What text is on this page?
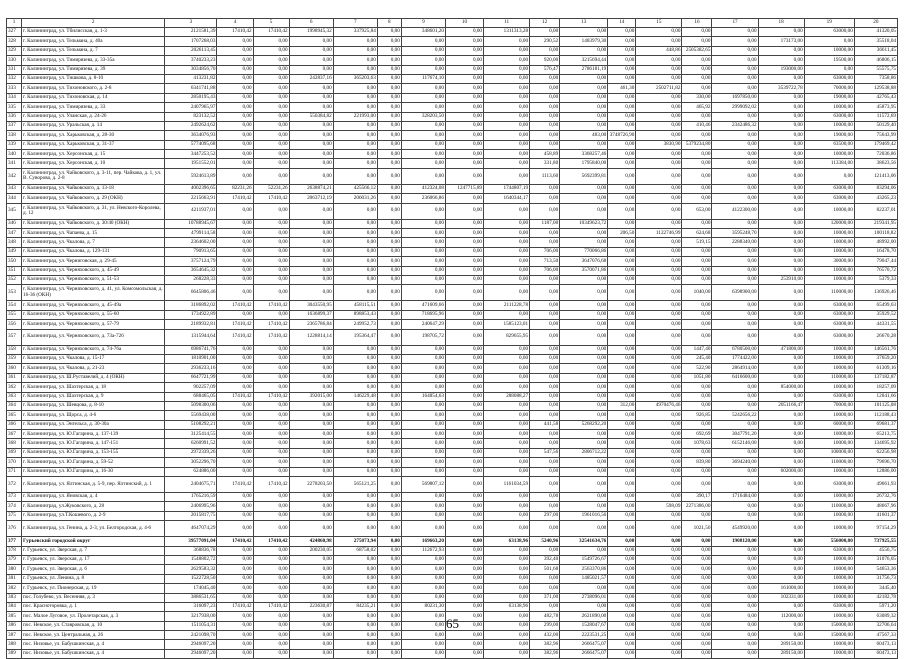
1	2	3	4	5	6	7	8	9	10	11	12	13	14	15	16	17	18	19	20
327	г. Калининград, ул. Тбилисская, д. 1-3	2121581,39	17410,42	17410,42	1998945,32	337925,84	0,00	348601,20	0,00	1311313,28	0,00	0,00	0,00	0,00	0,00	0,00	0,00	63000,00	41320,05
328	г. Калининград, ул. Тельмана, д. 40а	1707268,03	0,00	0,00	0,00	0,00	0,00	0,00	0,00	0,00	290,52	1483979,30	0,00	0,00	0,00	0,00	173173,00	0,00	35518,04
329	г. Калининград, ул. Тельмана, д. 7	2026113,45	0,00	0,00	0,00	0,00	0,00	0,00	0,00	0,00	0,00	0,00	0,00	448,86	2505382,65	0,00	0,00	10000,00	36611,45
330	г. Калининград, ул. Тимирязева, д. 33-35а	3740233,23	0,00	0,00	0,00	0,00	0,00	0,00	0,00	0,00	920,00	3215694,44	0,00	0,00	0,00	0,00	0,00	19500,00	46806,15
331	г. Калининград, ул. Тимирязева, д. 39	3034856,70	0,00	0,00	0,00	0,00	0,00	0,00	0,00	0,00	576,47	2786181,19	0,00	0,00	0,00	0,00	193000,00	0,00	55575,75
332	г. Калининград, ул. Тишкова, д. 8-10	413231,82	0,00	0,00	242837,16	365203,63	0,00	117674,10	0,00	0,00	0,00	0,00	0,00	0,00	0,00	0,00	0,00	63000,00	7358,86
333	г. Калининград, ул. Тихоновского, д. 2-8	6341741,88	0,00	0,00	0,00	0,00	0,00	0,00	0,00	0,00	0,00	0,00	461,30	2502711,82	0,00	0,00	3539722,78	70000,00	129538,88
334	г. Калининград, ул. Тихоновская, д. 14	2850195,43	0,00	0,00	0,00	0,00	0,00	0,00	0,00	0,00	0,00	0,00	0,00	0,00	330,00	1697850,00	0,00	19000,00	42765,43
335	г. Калининград, ул. Тимирязева, д. 33	2407965,97	0,00	0,00	0,00	0,00	0,00	0,00	0,00	0,00	0,00	0,00	0,00	0,00	465,92	2999092,02	0,00	10000,00	45873,95
336	г. Калининград, ул. Уланская, д. 24-26	823132,52	0,00	0,00	550384,82	221993,00	0,00	328203,50	0,00	0,00	0,00	0,00	0,00	0,00	0,00	0,00	0,00	63000,00	11572,69
337	г. Калининград, ул. Уральская, д. 14	2492624,62	0,00	0,00	0,00	0,00	0,00	0,00	0,00	0,00	0,00	0,00	0,00	0,00	410,46	2342486,32	0,00	10000,00	50129,40
338	г. Калининград, ул. Харьковская, д. 28-30	3634076,93	0,00	0,00	0,00	0,00	0,00	0,00	0,00	0,00	0,00	483,00	3748726,90	0,00	0,00	0,00	0,00	19000,00	75643,99
339	г. Калининград, ул. Харьковская, д. 31-37	5774095,68	0,00	0,00	0,00	0,00	0,00	0,00	0,00	0,00	0,00	0,00	0,00	3830,90	5379234,80	0,00	0,00	63500,00	179469,42
340	г. Калининград, ул. Херсонская, д. 15	3447253,52	0,00	0,00	0,00	0,00	0,00	0,00	0,00	0,00	458,89	3368257,46	0,00	0,00	0,00	0,00	0,00	10000,00	72036,86
341	г. Калининград, ул. Херсонская, д. 10	1951552,01	0,00	0,00	0,00	0,00	0,00	0,00	0,00	0,00	331,80	1795840,00	0,00	0,00	0,00	0,00	0,00	113384,00	38623,56
342	г. Калининград, ул. Чайковского, д. 3-11, пер. Чайкова, д. 1, ул. В. Суворова, д. 2-8	5924613,89	0,00	0,00	0,00	0,00	0,00	0,00	0,00	0,00	1113,60	5692399,81	0,00	0,00	0,00	0,00	0,00	0,00	121413,06
343	г. Калининград, ул. Чайковского, д. 13-18	4002396,65	82231,26	52231,26	2638874,21	425566,12	0,00	412324,08	1247715,89	1744807,19	0,00	0,00	0,00	0,00	0,00	0,00	0,00	63000,00	83294,06
344	г. Калининград, ул. Чайковского, д. 29 (ОКН)	2215663,91	17410,42	17410,42	2063712,19	206031,26	0,00	236066,86	0,00	1640344,17	0,00	0,00	0,00	0,00	0,00	0,00	0,00	63000,00	43265,23
345	г. Калининград, ул. Чайковского, д. 31, ул. Невского-Королева, д. 12	4211937,01	0,00	0,00	0,00	0,00	0,00	0,00	0,00	0,00	0,00	0,00	0,00	0,00	653,00	4122300,00	0,00	10000,00	82237,01
346	г. Калининград, ул. Чайковского, д. 30/40 (ОКН)	10788945,67	0,00	0,00	0,00	0,00	0,00	0,00	0,00	0,00	1187,00	10349623,72	0,00	0,00	0,00	0,00	0,00	120000,00	219341,95
347	г. Калининград, ул. Чапаева, д. 15	4799114,58	0,00	0,00	0,00	0,00	0,00	0,00	0,00	0,00	0,00	0,00	206,50	1122746,99	624,68	3595248,70	0,00	10000,00	100118,82
348	г. Калининград, ул. Чкалова, д. 7	2364602,00	0,00	0,00	0,00	0,00	0,00	0,00	0,00	0,00	0,00	0,00	0,00	0,00	519,15	2288340,00	0,00	10000,00	48992,00
349	г. Калининград, ул. Чкалова, д. 129-131	790913,65	0,00	0,00	0,00	0,00	0,00	0,00	0,00	0,00	706,00	770066,86	0,00	0,00	0,00	0,00	0,00	10000,00	16478,70
350	г. Калининград, ул. Черниговская, д. 29-45	3757124,79	0,00	0,00	0,00	0,00	0,00	0,00	0,00	0,00	713,50	3647076,68	0,00	0,00	0,00	0,00	0,00	30000,00	79047,44
351	г. Калининград, ул. Черняховского, д. 45-49	3654645,32	0,00	0,00	0,00	0,00	0,00	0,00	0,00	0,00	706,00	3570071,86	0,00	0,00	0,00	0,00	0,00	10000,00	76570,72
352	г. Калининград, ул. Черняховского, д. 51-53	268228,33	0,00	0,00	0,00	0,00	0,00	0,00	0,00	0,00	0,00	0,00	0,00	0,00	0,00	0,00	253910,00	10000,00	5379,33
353	г. Калининград, ул. Черняховского, д. 41, ул. Комсомольская, д. 16-36 (ОКН)	6645806,46	0,00	0,00	0,00	0,00	0,00	0,00	0,00	0,00	0,00	0,00	0,00	0,00	1040,00	6398900,00	0,00	110000,00	136926,46
354	г. Калининград, ул. Черняховского, д. 45-49а	3186892,02	17410,42	17410,42	3043550,95	458115,51	0,00	471609,66	0,00	2111228,78	0,00	0,00	0,00	0,00	0,00	0,00	0,00	63000,00	65499,63
355	г. Калининград, ул. Черняховского, д. 55-60	1734922,89	0,00	0,00	1636899,37	898853,43	0,00	718695,96	0,00	0,00	0,00	0,00	0,00	0,00	0,00	0,00	0,00	63000,00	35929,52
356	г. Калининград, ул. Черняховского, д. 57-79	2189932,81	17410,42	17410,42	2365786,84	249952,73	0,00	240647,29	0,00	1585123,01	0,00	0,00	0,00	0,00	0,00	0,00	0,00	63000,00	44331,55
357	г. Калининград, ул. Черняховского, д. 73а-726	1315944,64	17410,42	17410,42	1228814,14	195364,47	0,00	198705,72	0,00	829655,95	0,00	0,00	0,00	0,00	0,00	0,00	0,00	63000,00	26670,28
358	г. Калининград, ул. Черняховского, д. 74-76а	6986741,76	0,00	0,00	0,00	0,00	0,00	0,00	0,00	0,00	0,00	0,00	0,00	0,00	1447,40	6780500,00	471800,00	10000,00	146561,76
359	г. Калининград, ул. Чкалова, д. 15-17	1810901,00	0,00	0,00	0,00	0,00	0,00	0,00	0,00	0,00	0,00	0,00	0,00	0,00	245,40	1774422,00	0,00	10000,00	37659,20
360	г. Калининград, ул. Чкалова, д. 21-23	2936233,16	0,00	0,00	0,00	0,00	0,00	0,00	0,00	0,00	0,00	0,00	0,00	0,00	522,90	2864914,00	0,00	10000,00	61309,16
361	г. Калининград, ул. Ш.Руставелий, д. 4 (ОКН)	6647721,99	0,00	0,00	0,00	0,00	0,00	0,00	0,00	0,00	0,00	0,00	0,00	0,00	1051,80	6416600,00	0,00	110000,00	137182,87
362	г. Калининград, ул. Шахтерская, д. 18	902257,09	0,00	0,00	0,00	0,00	0,00	0,00	0,00	0,00	0,00	0,00	0,00	0,00	0,00	0,00	854000,00	10000,00	18257,09
363	г. Калининград, ул. Шахтерская, д. 9	688465,05	17410,42	17410,42	392015,00	146229,48	0,00	164854,63	0,00	288088,27	0,00	0,00	0,00	0,00	0,00	0,00	0,00	63000,00	12041,66
364	г. Калининград, ул. Шевцова, д. 8-10	5098300,06	0,00	0,00	0,00	0,00	0,00	0,00	0,00	0,00	0,00	0,00	312,00	4970476,46	0,00	0,00	2051166,47	70000,00	101125,08
365	г. Калининград, ул. Щорса, д. 4-6	5569438,00	0,00	0,00	0,00	0,00	0,00	0,00	0,00	0,00	0,00	0,00	0,00	0,00	926,85	5242656,22	0,00	10000,00	112188,43
366	г. Калининград, ул. Энгельса, д. 30-30а	5108292,21	0,00	0,00	0,00	0,00	0,00	0,00	0,00	0,00	441,58	5268292,20	0,00	0,00	0,00	0,00	0,00	60000,00	69681,37
367	г. Калининград, ул. Ю.Гагарина, д. 137-139	3125414,55	0,00	0,00	0,00	0,00	0,00	0,00	0,00	0,00	0,00	0,00	0,00	0,00	692,69	3047791,20	0,00	10000,00	65213,75
368	г. Калининград, ул. Ю.Гагарина, д. 147-151	6260991,52	0,00	0,00	0,00	0,00	0,00	0,00	0,00	0,00	0,00	0,00	0,00	0,00	1078,63	6152146,00	0,00	10000,00	134695,92
369	г. Калининград, ул. Ю.Гагарина, д. 153-155	2972339,26	0,00	0,00	0,00	0,00	0,00	0,00	0,00	0,00	547,56	2806712,22	0,00	0,00	0,00	0,00	0,00	100000,00	62256,98
370	г. Калининград, ул. Ю.Гагарина, д. 59-52	3052296,70	0,00	0,00	0,00	0,00	0,00	0,00	0,00	0,00	0,00	0,00	0,00	0,00	839,80	3694240,00	0,00	110000,00	79696,70
371	г. Калининград, ул. Ю.Гагарина, д. 16-30	624886,00	0,00	0,00	0,00	0,00	0,00	0,00	0,00	0,00	0,00	0,00	0,00	0,00	0,00	0,00	602000,00	10000,00	12886,00
372	г. Калининград, ул. Ялтинская, д. 5-9, пер. Ялтинский, д. 1	2404675,71	17410,42	17410,42	2278203,50	565121,25	0,00	569807,12	0,00	1161034,59	0,00	0,00	0,00	0,00	0,00	0,00	0,00	63000,00	49661,93
373	г. Калининград, ул. Яновская, д. 4	1765216,59	0,00	0,00	0,00	0,00	0,00	0,00	0,00	0,00	0,00	0,00	0,00	0,00	390,17	1716484,00	0,00	10000,00	26732,76
374	г. Калининград, ул.Жуковского, д. 28	2406995,96	0,00	0,00	0,00	0,00	0,00	0,00	0,00	0,00	0,00	0,00	0,00	598,09	2271386,00	0,00	0,00	110000,00	48667,96
375	г. Калининград, ул.Т.Кошевого, д. 2-9	2015817,75	0,00	0,00	0,00	0,00	0,00	0,00	0,00	0,00	297,00	1961016,56	0,00	0,00	0,00	0,00	0,00	10000,00	41601,37
376	г. Калининград, ул. Генина, д. 2-3, ул. Белгородская, д. 4-6	4647074,29	0,00	0,00	0,00	0,00	0,00	0,00	0,00	0,00	0,00	0,00	0,00	0,00	1021,50	4549920,00	0,00	10000,00	97154,29
377	Гурьевский городской округ	39577091,04	17410,42	17410,42	424860,98	275073,94	0,00	169663,20	0,00	63138,96	5240,96	32541634,76	0,00	0,00	0,00	1908120,00	0,00	556000,00	737925,55
378	г. Гурьевск, ул. Зверская, д. 7	368836,78	0,00	0,00	200230,05	68758,02	0,00	112672,93	0,00	0,00	0,00	0,00	0,00	0,00	0,00	0,00	0,00	63000,00	4556,75
379	г. Гурьевск, ул. Зверская, д. 17	1548802,72	0,00	0,00	0,00	0,00	0,00	0,00	0,00	0,00	392,40	1549726,67	0,00	0,00	0,00	0,00	0,00	10000,00	31076,05
380	г. Гурьевск, ул. Зверская, д. 6	2629583,32	0,00	0,00	0,00	0,00	0,00	0,00	0,00	0,00	501,68	2563370,86	0,00	0,00	0,00	0,00	0,00	10000,00	54653,36
381	г. Гурьевск, ул. Ленина, д. 8	1522728,50	0,00	0,00	0,00	0,00	0,00	0,00	0,00	0,00	0,00	1485021,57	0,00	0,00	0,00	0,00	0,00	10000,00	31756,73
382	г. Гурьевск, ул. Пионерская, д. 19	174045,40	0,00	0,00	0,00	0,00	0,00	0,00	0,00	0,00	0,00	0,00	0,00	0,00	0,00	0,00	161000,00	10000,00	3445,40
383	пос. Голубево, ул. Весенняя, д. 3	3886531,65	0,00	0,00	0,00	0,00	0,00	0,00	0,00	0,00	371,00	2738096,01	0,00	0,00	0,00	0,00	102331,00	10000,00	42182,78
384	пос. Красноторовка, д. 1	316097,23	17410,42	17410,42	223630,87	84235,21	0,00	80231,30	0,00	63138,96	0,00	0,00	0,00	0,00	0,00	0,00	0,00	63000,00	5971,20
385	пос. Малое Луговое, ул. Пролетарская, д. 3	3217938,00	0,00	0,00	0,00	0,00	0,00	0,00	0,00	0,00	482,78	2621890,00	0,00	0,00	0,00	0,00	112000,00	10000,00	63089,32
386	пос. Невское, ул. Ставровская, д. 10	1511054,31	0,00	0,00	0,00	0,00	0,00	0,00	0,00	0,00	299,00	1528047,67	0,00	0,00	0,00	0,00	0,00	150000,00	32706,64
387	пос. Невское, ул. Центральная, д. 26	2421098,70	0,00	0,00	0,00	0,00	0,00	0,00	0,00	0,00	432,00	2223531,25	0,00	0,00	0,00	0,00	0,00	150000,00	47567,33
388	пос. Низовье, ул. Бабушкинская, д. 4	2946097,20	0,00	0,00	0,00	0,00	0,00	0,00	0,00	0,00	382,96	2666475,07	0,00	0,00	0,00	0,00	289150,00	10000,00	60473,13
389	пос. Низовье, ул. Бабушкинская, д. 4	2946097,20	0,00	0,00	0,00	0,00	0,00	0,00	0,00	0,00	382,96	2666475,07	0,00	0,00	0,00	0,00	289150,00	10000,00	60473,13
65
